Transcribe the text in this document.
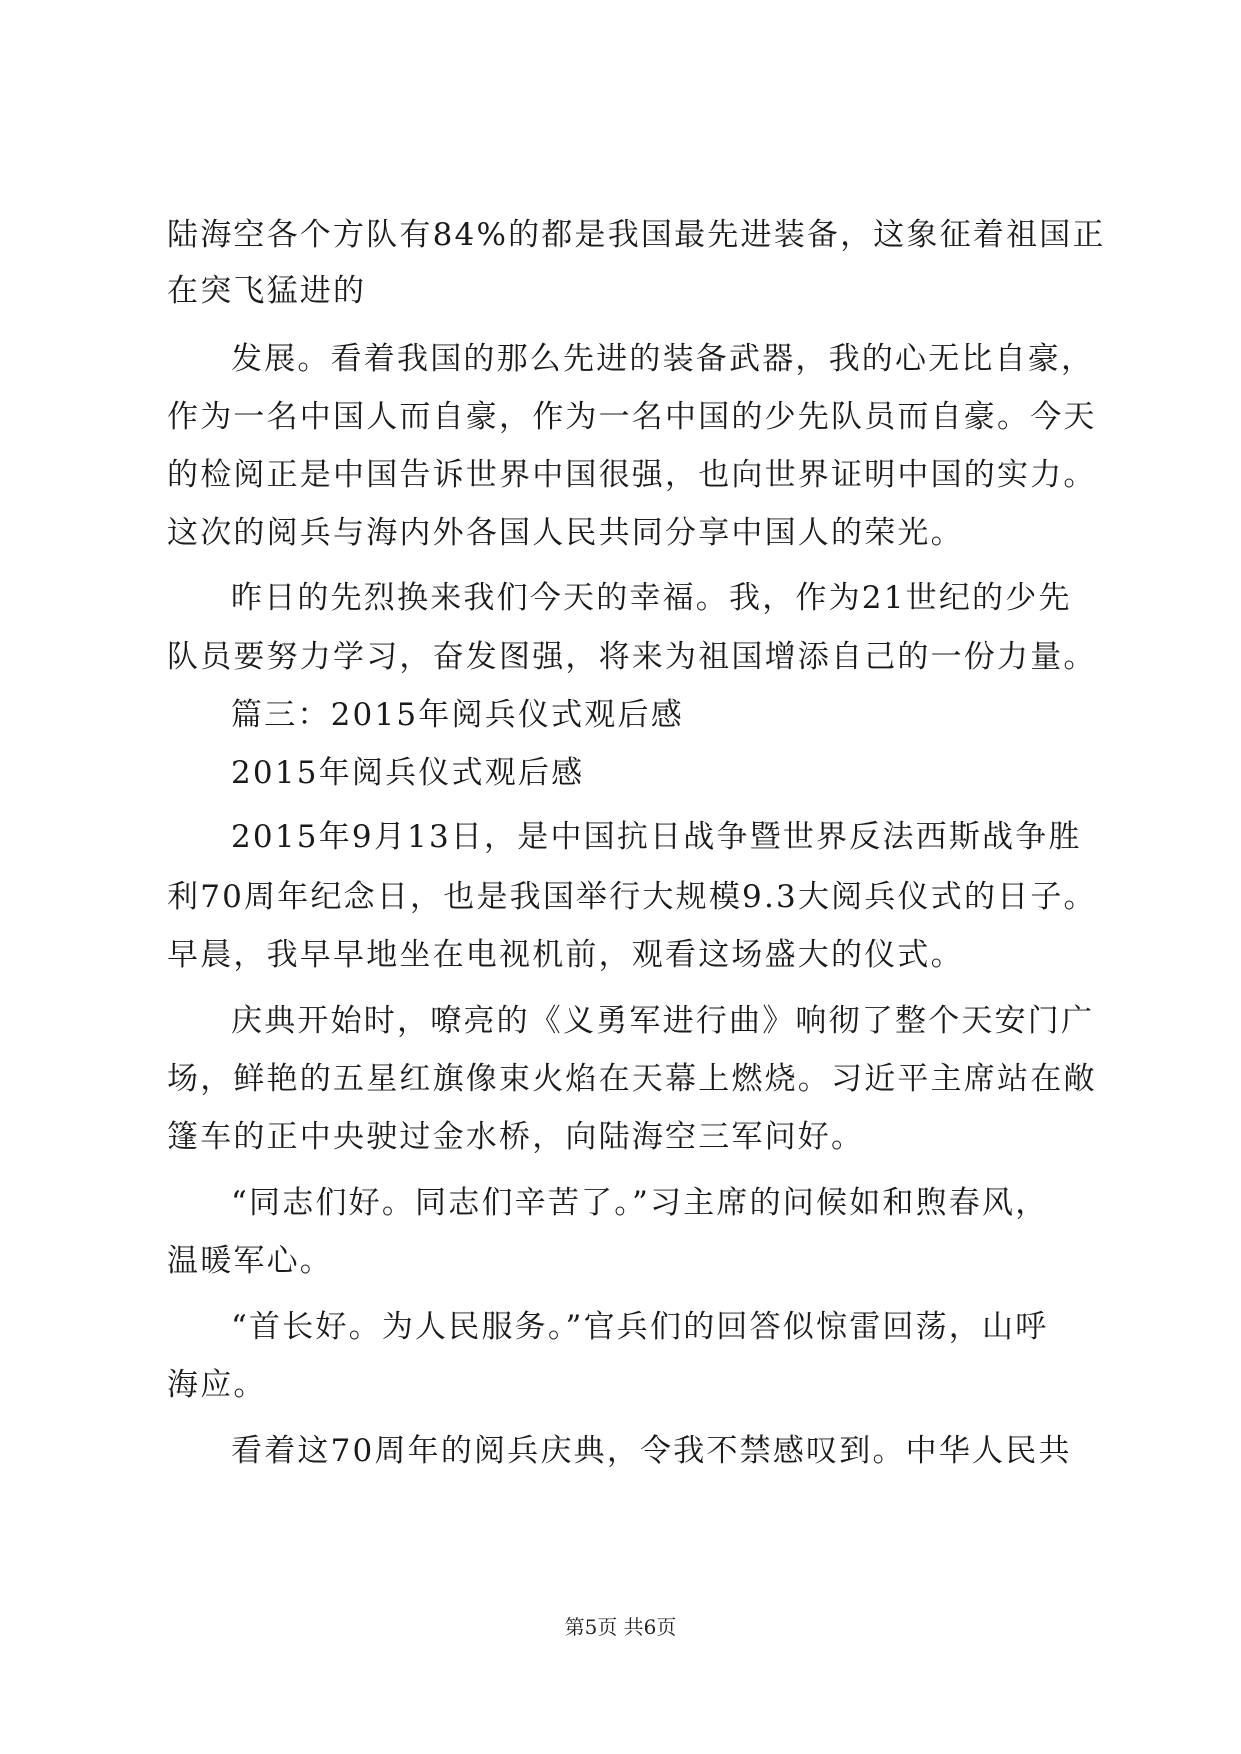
陆海空各个方队有84%的都是我国最先进装备，这象征着祖国正
在突飞猛进的
发展。看着我国的那么先进的装备武器，我的心无比自豪，
作为一名中国人而自豪，作为一名中国的少先队员而自豪。今天
的检阅正是中国告诉世界中国很强，也向世界证明中国的实力。
这次的阅兵与海内外各国人民共同分享中国人的荣光。
昨日的先烈换来我们今天的幸福。我，作为21世纪的少先
队员要努力学习，奋发图强，将来为祖国增添自己的一份力量。
篇三：2015年阅兵仪式观后感
2015年阅兵仪式观后感
2015年9月13日，是中国抗日战争暨世界反法西斯战争胜
利70周年纪念日，也是我国举行大规模9.3大阅兵仪式的日子。
早晨，我早早地坐在电视机前，观看这场盛大的仪式。
庆典开始时，嘹亮的《义勇军进行曲》响彻了整个天安门广
场，鲜艳的五星红旗像束火焰在天幕上燃烧。习近平主席站在敞
篷车的正中央驶过金水桥，向陆海空三军问好。
“同志们好。同志们辛苦了。”习主席的问候如和煦春风，
温暖军心。
“首长好。为人民服务。”官兵们的回答似惊雷回荡，山呼
海应。
看着这70周年的阅兵庆典，令我不禁感叹到。中华人民共
第5页 共6页
